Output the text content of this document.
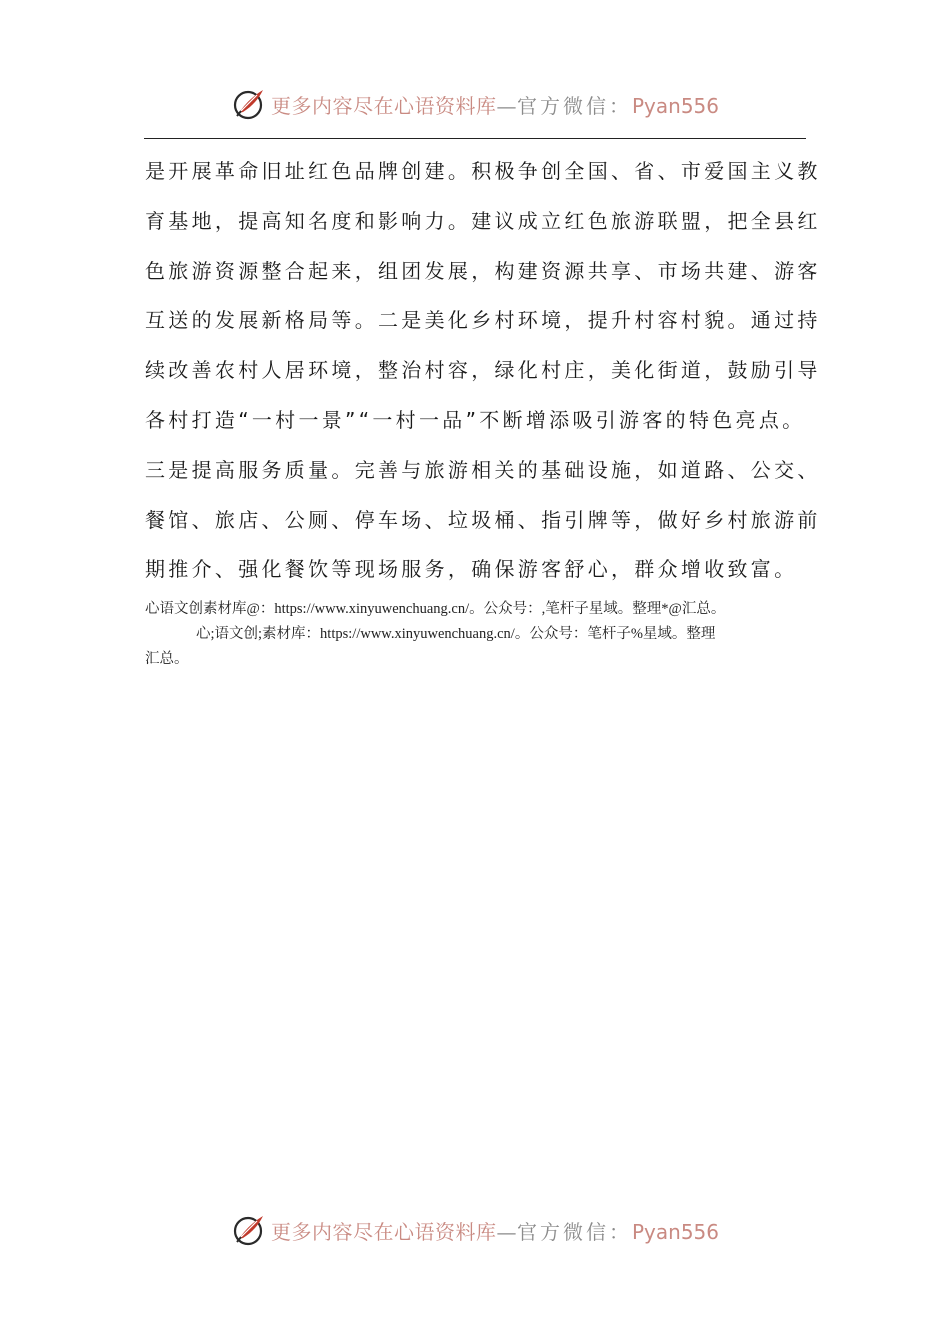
更多内容尽在心语资料库—官方微信：Pyan556
是开展革命旧址红色品牌创建。积极争创全国、省、市爱国主义教
育基地，提高知名度和影响力。建议成立红色旅游联盟，把全县红
色旅游资源整合起来，组团发展，构建资源共享、市场共建、游客
互送的发展新格局等。二是美化乡村环境，提升村容村貌。通过持
续改善农村人居环境，整治村容，绿化村庄，美化街道，鼓励引导
各村打造“一村一景”“一村一品”不断增添吸引游客的特色亮点。
三是提高服务质量。完善与旅游相关的基础设施，如道路、公交、
餐馆、旅店、公厕、停车场、垃圾桶、指引牌等，做好乡村旅游前
期推介、强化餐饮等现场服务，确保游客舒心，群众增收致富。
心语文创素材库@：https://www.xinyuwenchuang.cn/。公众号：,笔杆子星域。整理*@汇总。
心;语文创;素材库：https://www.xinyuwenchuang.cn/。公众号：笔杆子%星域。整理
汇总。
更多内容尽在心语资料库—官方微信：Pyan556
